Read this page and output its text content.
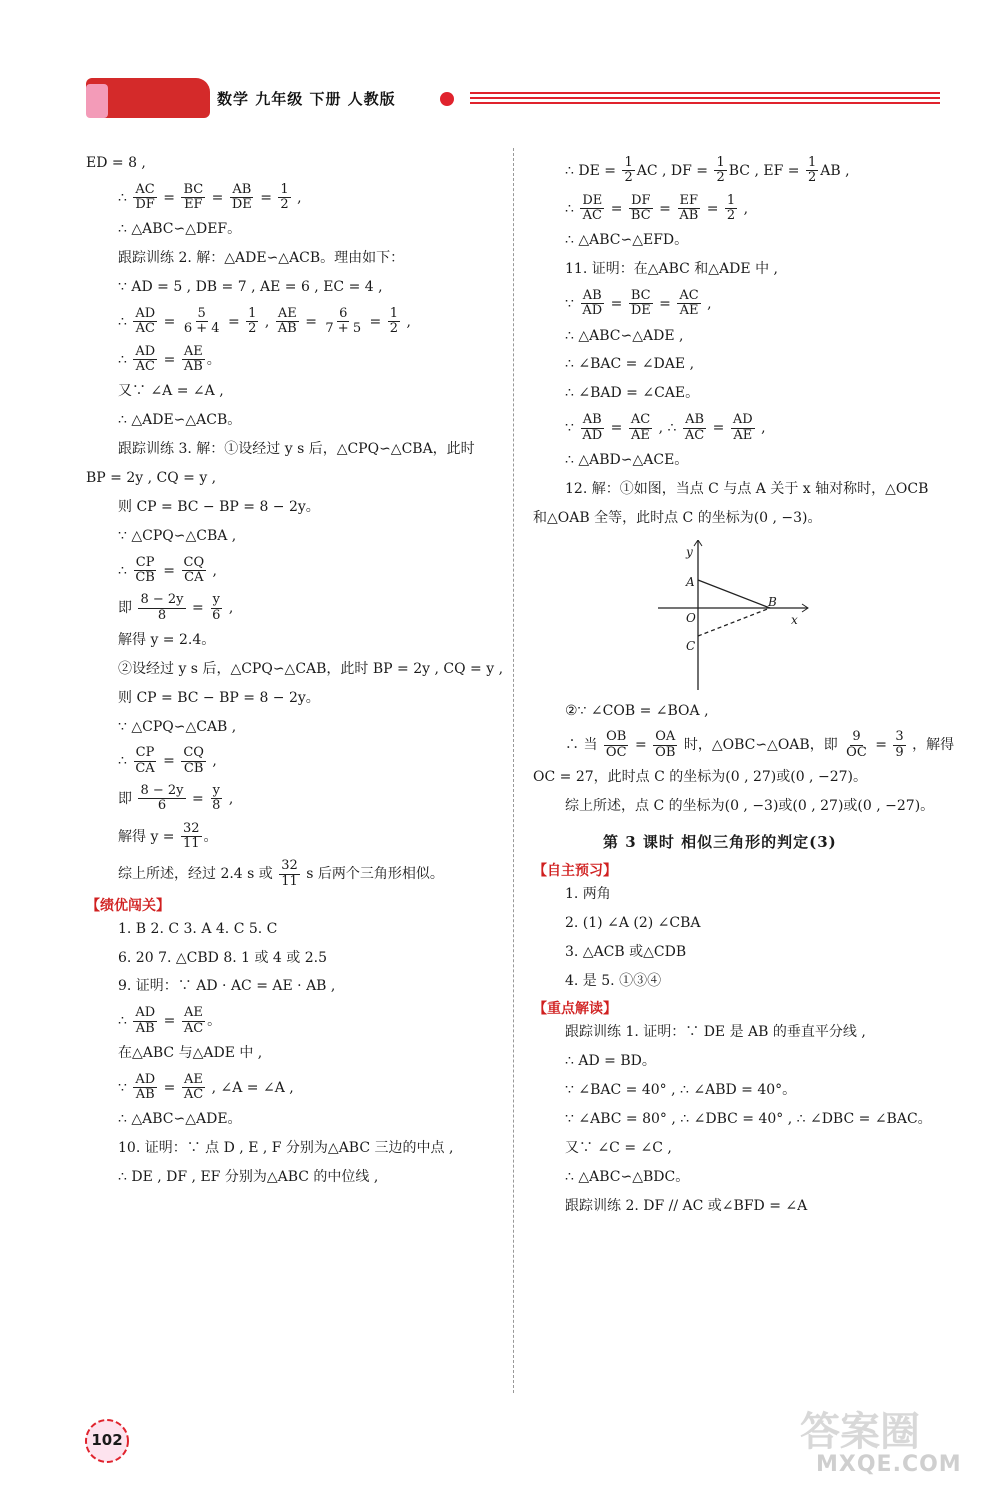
数学 九年级 下册 人教版
ED = 8 ,
∴ $\frac{AC}{DF} = \frac{BC}{EF} = \frac{AB}{DE} = \frac{1}{2}$ ,
∴ △ABC∽△DEF。
跟踪训练 2. 解：△ADE∽△ACB。理由如下：
∵ AD = 5 , DB = 7 , AE = 6 , EC = 4 ,
∴ $\frac{AD}{AC} = \frac{5}{6 + 4} = \frac{1}{2}$ , $\frac{AE}{AB} = \frac{6}{7 + 5} = \frac{1}{2}$ ,
∴ $\frac{AD}{AC} = \frac{AE}{AB}$ 。
又∵ ∠A = ∠A ,
∴ △ADE∽△ACB。
跟踪训练 3. 解：①设经过 y s 后，△CPQ∽△CBA，此时
BP = 2y , CQ = y ,
则 CP = BC − BP = 8 − 2y。
∵ △CPQ∽△CBA ,
∴ $\frac{CP}{CB} = \frac{CQ}{CA}$ ,
即 $\frac{8 - 2y}{8} = \frac{y}{6}$ ,
解得 y = 2.4。
②设经过 y s 后，△CPQ∽△CAB，此时 BP = 2y , CQ = y ,
则 CP = BC − BP = 8 − 2y。
∵ △CPQ∽△CAB ,
∴ $\frac{CP}{CA} = \frac{CQ}{CB}$ ,
即 $\frac{8 - 2y}{6} = \frac{y}{8}$ ,
解得 $y = \frac{32}{11}$ 。
综上所述，经过 2.4 s 或 $\frac{32}{11}$ s 后两个三角形相似。
【绩优闯关】
1. B 2. C 3. A 4. C 5. C
6. 20 7. △CBD 8. 1 或 4 或 2.5
9. 证明：∵ AD · AC = AE · AB ,
∴ $\frac{AD}{AB} = \frac{AE}{AC}$ 。
在△ABC 与△ADE 中 ,
∵ $\frac{AD}{AB} = \frac{AE}{AC}$ , ∠A = ∠A ,
∴ △ABC∽△ADE。
10. 证明：∵ 点 D , E , F 分别为△ABC 三边的中点 ,
∴ DE , DF , EF 分别为△ABC 的中位线 ,
∴ DE = $\frac{1}{2}$ AC , DF = $\frac{1}{2}$ BC , EF = $\frac{1}{2}$ AB ,
∴ $\frac{DE}{AC} = \frac{DF}{BC} = \frac{EF}{AB} = \frac{1}{2}$ ,
∴ △ABC∽△EFD。
11. 证明：在△ABC 和△ADE 中 ,
∵ $\frac{AB}{AD} = \frac{BC}{DE} = \frac{AC}{AE}$ ,
∴ △ABC∽△ADE ,
∴ ∠BAC = ∠DAE ,
∴ ∠BAD = ∠CAE。
∵ $\frac{AB}{AD} = \frac{AC}{AE}$ , ∴ $\frac{AB}{AC} = \frac{AD}{AE}$ ,
∴ △ABD∽△ACE。
12. 解：①如图，当点 C 与点 A 关于 x 轴对称时，△OCB
和△OAB 全等，此时点 C 的坐标为(0 , −3)。
y
A
B
O	x
C
②∵ ∠COB = ∠BOA ,
∴ 当 $\frac{OB}{OC} = \frac{OA}{OB}$ 时，△OBC∽△OAB，即 $\frac{9}{OC} = \frac{3}{9}$ ，解得
OC = 27，此时点 C 的坐标为(0 , 27)或(0 , −27)。
综上所述，点 C 的坐标为(0 , −3)或(0 , 27)或(0 , −27)。
第 3 课时 相似三角形的判定(3)
【自主预习】
1. 两角
2. (1) ∠A (2) ∠CBA
3. △ACB 或△CDB
4. 是 5. ①③④
【重点解读】
跟踪训练 1. 证明：∵ DE 是 AB 的垂直平分线 ,
∴ AD = BD。
∵ ∠BAC = 40° , ∴ ∠ABD = 40°。
∵ ∠ABC = 80° , ∴ ∠DBC = 40° , ∴ ∠DBC = ∠BAC。
又∵ ∠C = ∠C ,
∴ △ABC∽△BDC。
跟踪训练 2. DF // AC 或∠BFD = ∠A
102	答案圈
MXQE.COM
